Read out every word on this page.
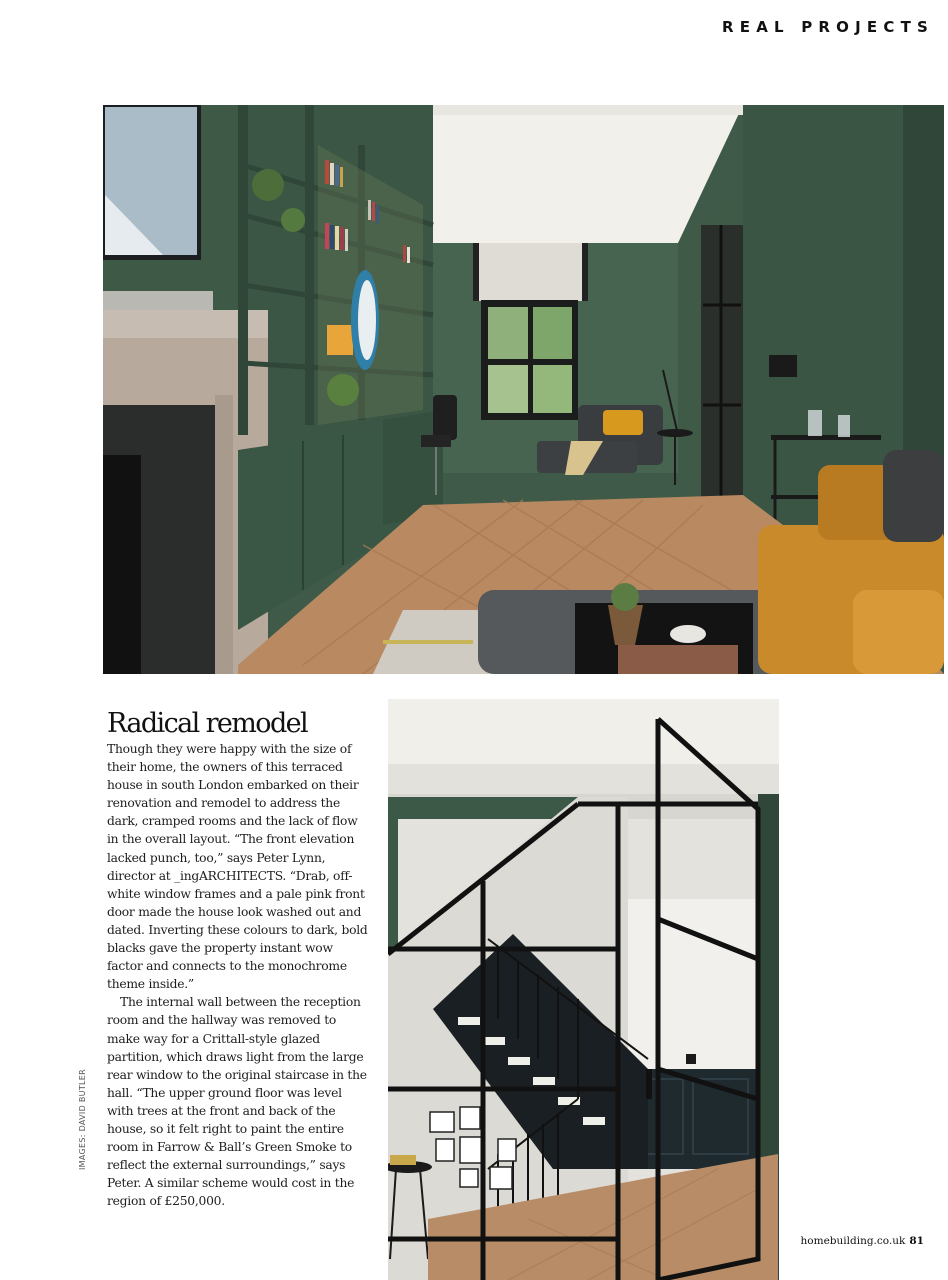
REAL PROJECTS
Radical remodel

Though they were happy with the size of their home, the owners of this terraced house in south London embarked on their renovation and remodel to address the dark, cramped rooms and the lack of flow in the overall layout. “The front elevation lacked punch, too,” says Peter Lynn, director at _ingARCHITECTS. “Drab, off-white window frames and a pale pink front door made the house look washed out and dated. Inverting these colours to dark, bold blacks gave the property instant wow factor and connects to the monochrome theme inside.”

The internal wall between the reception room and the hallway was removed to make way for a Crittall-style glazed partition, which draws light from the large rear window to the original staircase in the hall. “The upper ground floor was level with trees at the front and back of the house, so it felt right to paint the entire room in Farrow & Ball’s Green Smoke to reflect the external surroundings,” says Peter. A similar scheme would cost in the region of £250,000.

IMAGES: DAVID BUTLER
homebuilding.co.uk 81
